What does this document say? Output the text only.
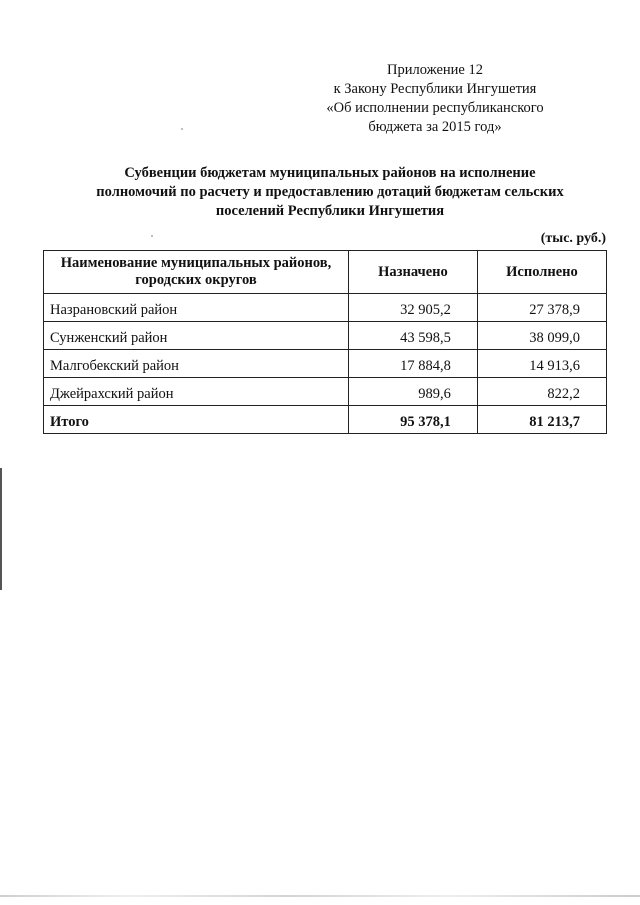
Приложение 12
к Закону Республики Ингушетия
«Об исполнении республиканского
бюджета за 2015 год»
Субвенции бюджетам муниципальных районов на исполнение
полномочий по расчету и предоставлению дотаций бюджетам сельских
поселений Республики Ингушетия
(тыс. руб.)
Наименование муниципальных районов,
городских округов	Назначено	Исполнено
Назрановский район	32 905,2	27 378,9
Сунженский район	43 598,5	38 099,0
Малгобекский район	17 884,8	14 913,6
Джейрахский район	989,6	822,2
Итого	95 378,1	81 213,7
